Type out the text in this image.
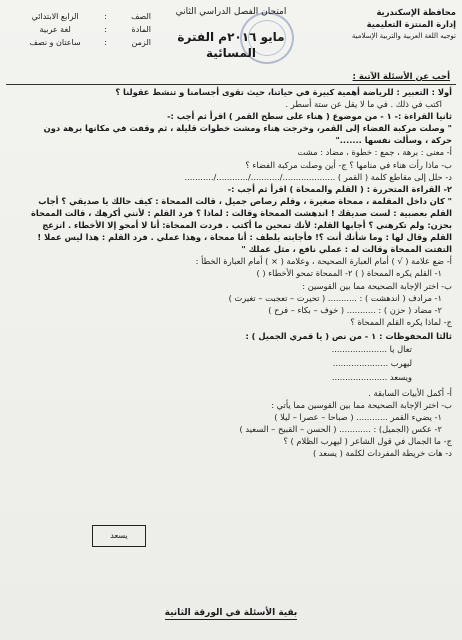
محافظة الإسكندرية
إدارة المنتزة التعليمية
توجيه اللغة العربية والتربية الإسلامية
امتحان الفصل الدراسي الثاني
مايو ٢٠١٦م الفترة المسائية
الصف
:
الرابع الابتدائي
المادة
:
لغة عربية
الزمن
:
ساعتان و نصف
أجب عن الأسئلة الآتية :

أولا : التعبير : للرياضة أهمية كبيرة في حياتنا، حيث تقوى أجسامنا و تنشط عقولنا ؟

اكتب في ذلك . في ما لا يقل عن ستة أسطر .

ثانيا القراءة :- ١ - من موضوع ( هناء على سطح القمر ) اقرأ ثم أجب :-

" وصلت مركبة الفضاء إلى القمر، وخرجت هناء ومشت خطوات قليلة ، ثم وقفت في مكانها برهة دون

حركة ، وسألت نفسها ......."

أ- معنى : برهة ، جمع : خطوة ، مضاد : مشت

ب- ماذا رأت هناء في منامها ؟ ج- أين وصلت مركبة الفضاء ؟

د- حلل إلى مقاطع كلمة ( القمر ) ..................../.........../............/...........

٢- القراءة المتحررة : ( القلم والممحاة ) اقرأ ثم أجب :-

" كان داخل المقلمة ، ممحاة صغيرة ، وقلم رصاص جميل ، قالت الممحاة : كيف حالك يا صديقي ؟ أجاب

القلم بعصبية : لست صديقك ! اندهشت الممحاة وقالت : لماذا ؟ فرد القلم : لأنني أكرهك ، قالت الممحاة

بحزن: ولم تكرهني ؟ أجابها القلم: لأنك تمحين ما أكتب . فردت الممحاة: أنا لا أمحو إلا الأخطاء . انزعج

القلم وقال لها : وما شأنك أنت ؟! فأجابته بلطف : أنا ممحاة ، وهذا عملي . فرد القلم : هذا ليس عملا !

التفتت الممحاة وقالت له : عملي نافع ، مثل عملك "

أ- ضع علامة ( √ ) أمام العبارة الصحيحة ، وعلامة ( × ) أمام العبارة الخطأ :

١- القلم يكره الممحاة ( ) ٢- الممحاة تمحو الأخطاء ( )

ب- اختر الإجابة الصحيحة مما بين القوسين :

١- مرادف ( اندهشت ) : ........... ( تحيرت – تعجبت – تغيرت )

٢- مضاد ( حزن ) : ........... ( خوف – بكاء – فرح )

ج- لماذا يكره القلم الممحاة ؟

ثالثا المحفوظات : ١ - من نص ( يا قمري الجميل ) :

تعال يا .....................

ليهرب .....................

ويسعد .....................

أ- أكمل الأبيات السابقة .

ب- اختر الإجابة الصحيحة مما بين القوسين مما يأتي :

١- يضيء القمر ............ ( صباحا – عصرا – ليلا )

٢- عكس (الجميل) : ............ ( الحسن – القبيح – السعيد )

ج- ما الجمال في قول الشاعر ( ليهرب الظلام ) ؟

د- هات خريطة المفردات لكلمة ( يسعد )

يسعد
بقية الأسئلة في الورقة الثانية
